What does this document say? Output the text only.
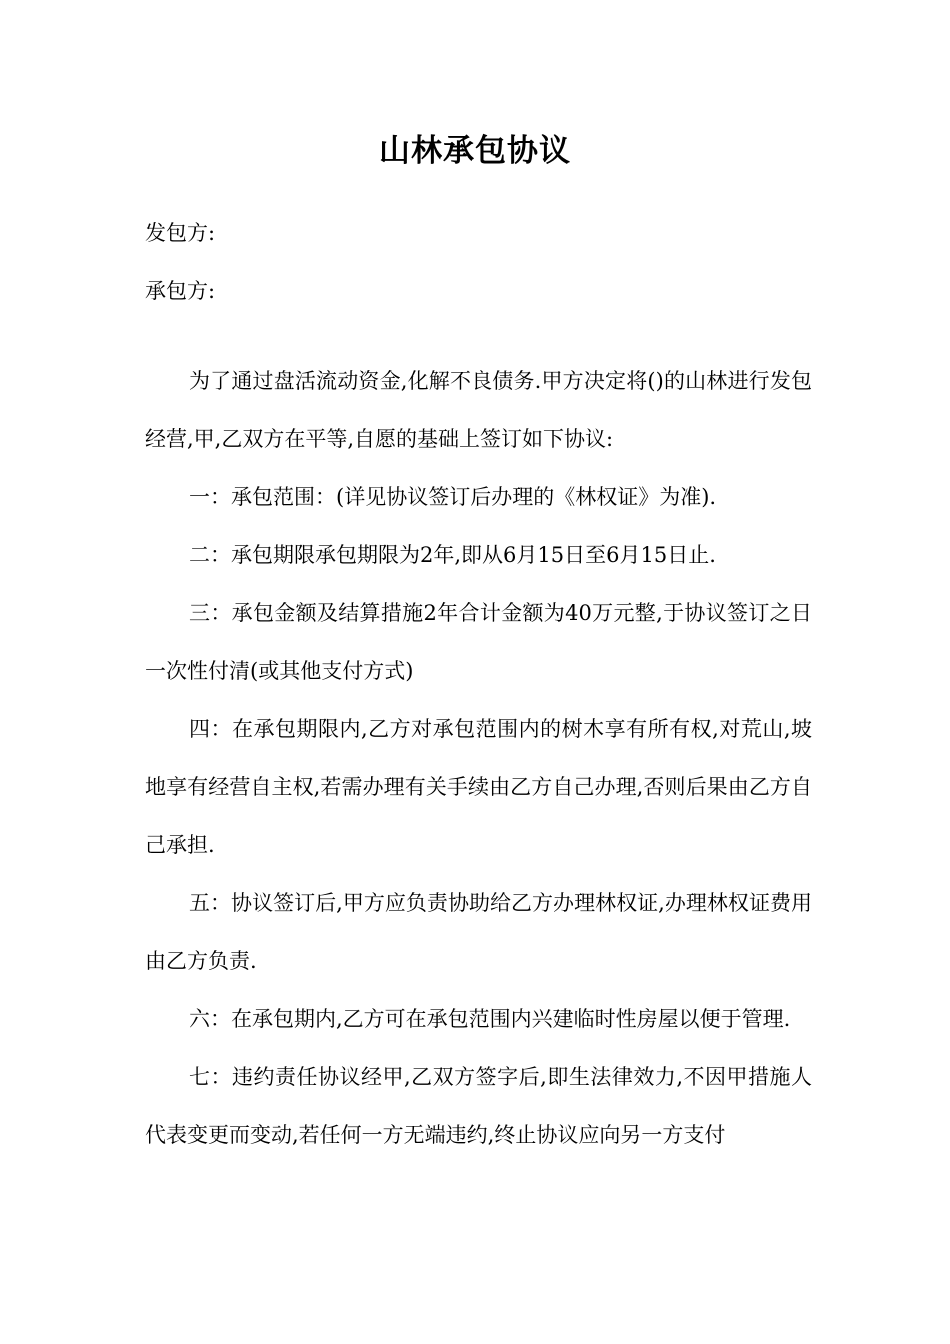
山林承包协议

发包方:

承包方:

为了通过盘活流动资金,化解不良债务.甲方决定将()的山林进行发包经营,甲,乙双方在平等,自愿的基础上签订如下协议:

一：承包范围：(详见协议签订后办理的《林权证》为准).

二：承包期限承包期限为2年,即从6月15日至6月15日止.

三：承包金额及结算措施2年合计金额为40万元整,于协议签订之日一次性付清(或其他支付方式)

四：在承包期限内,乙方对承包范围内的树木享有所有权,对荒山,坡地享有经营自主权,若需办理有关手续由乙方自己办理,否则后果由乙方自己承担.

五：协议签订后,甲方应负责协助给乙方办理林权证,办理林权证费用由乙方负责.

六：在承包期内,乙方可在承包范围内兴建临时性房屋以便于管理.

七：违约责任协议经甲,乙双方签字后,即生法律效力,不因甲措施人代表变更而变动,若任何一方无端违约,终止协议应向另一方支付
